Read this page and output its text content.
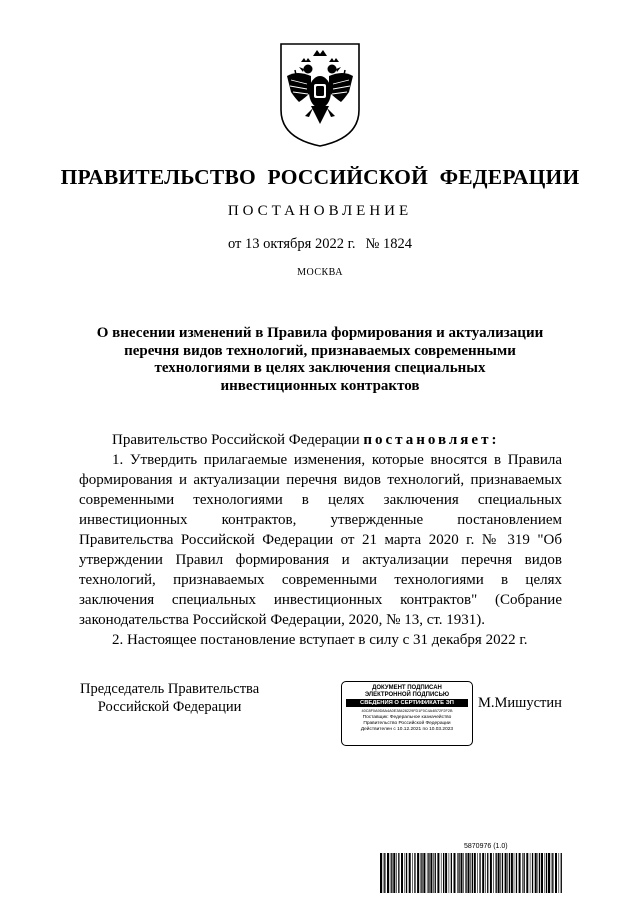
ПРАВИТЕЛЬСТВО РОССИЙСКОЙ ФЕДЕРАЦИИ
ПОСТАНОВЛЕНИЕ
от 13 октября 2022 г. № 1824
МОСКВА
О внесении изменений в Правила формирования и актуализации
перечня видов технологий, признаваемых современными
технологиями в целях заключения специальных
инвестиционных контрактов

Правительство Российской Федерации постановляет:

1. Утвердить прилагаемые изменения, которые вносятся в Правила формирования и актуализации перечня видов технологий, признаваемых современными технологиями в целях заключения специальных инвестиционных контрактов, утвержденные постановлением Правительства Российской Федерации от 21 марта 2020 г. № 319 "Об утверждении Правил формирования и актуализации перечня видов технологий, признаваемых современными технологиями в целях заключения специальных инвестиционных контрактов" (Собрание законодательства Российской Федерации, 2020, № 13, ст. 1931).

2. Настоящее постановление вступает в силу с 31 декабря 2022 г.

Председатель Правительства
Российской Федерации
ДОКУМЕНТ ПОДПИСАН
ЭЛЕКТРОННОЙ ПОДПИСЬЮ
СВЕДЕНИЯ О СЕРТИФИКАТЕ ЭП
40C8F0A9D8A4A0E38428229FD1F0C4A4B72F2F2B
Поставщик: Федеральное казначейство
Правительство Российской Федерации
Действителен с 10.12.2021 по 10.03.2023
М.Мишустин
5870976 (1.0)
